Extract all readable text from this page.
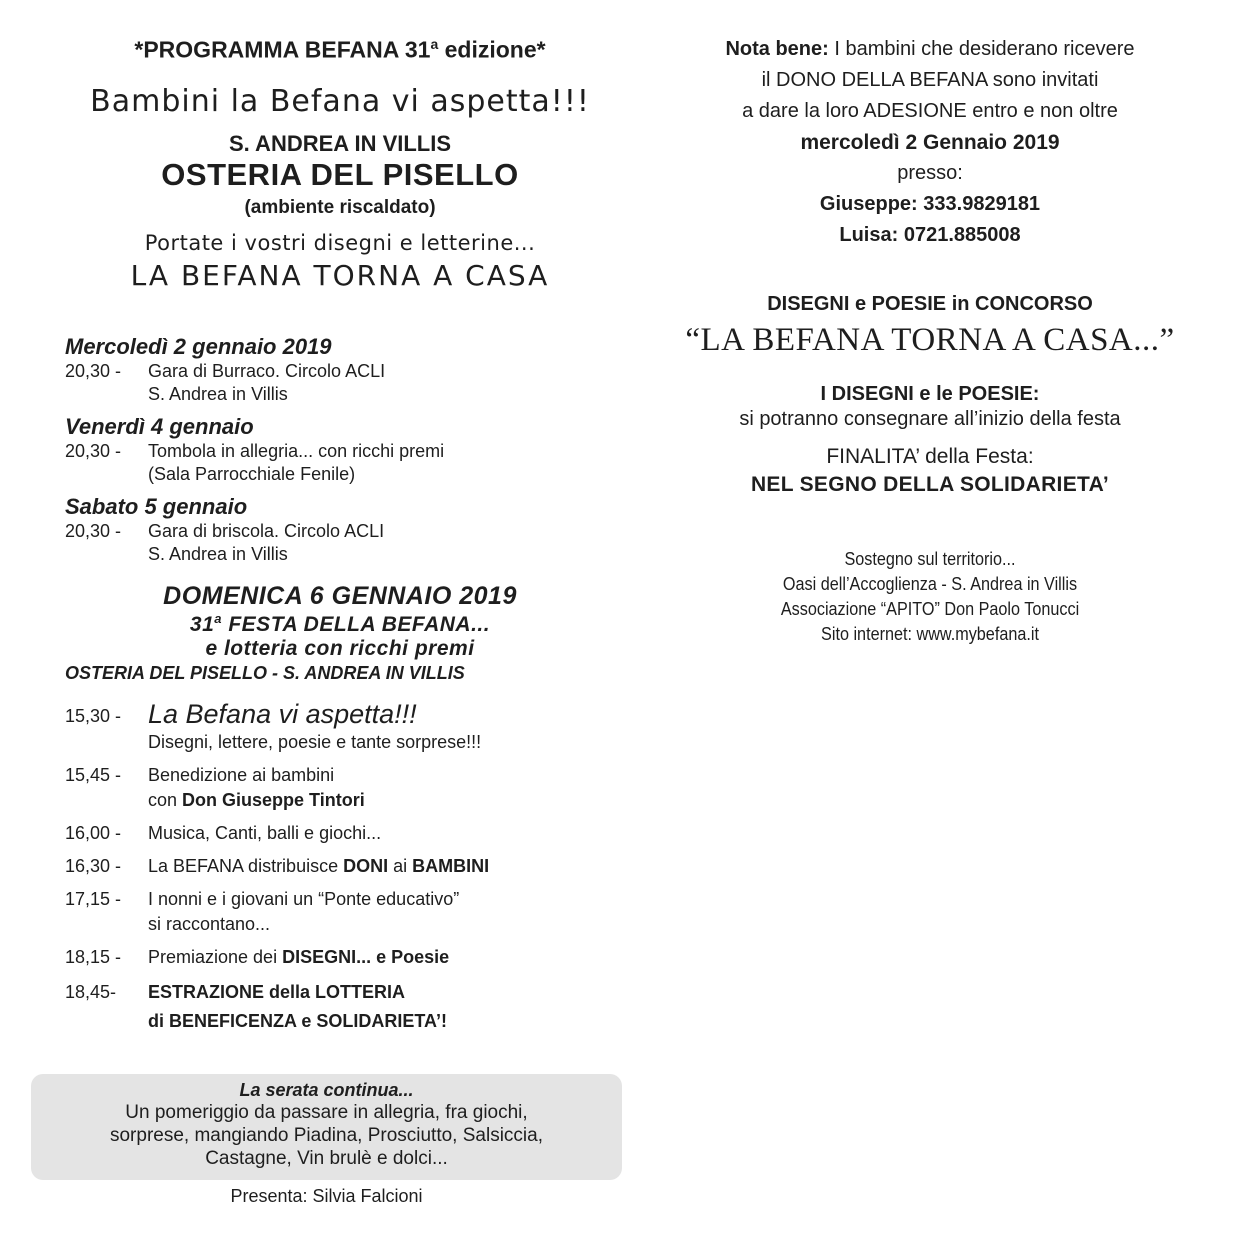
*PROGRAMMA BEFANA 31$^a$ edizione*
Bambini la Befana vi aspetta!!!
S. ANDREA IN VILLIS
OSTERIA DEL PISELLO
(ambiente riscaldato)
Portate i vostri disegni e letterine...
LA BEFANA TORNA A CASA
Mercoledì 2 gennaio 2019
20,30 -	Gara di Burraco. Circolo ACLI
S. Andrea in Villis
Venerdì 4 gennaio
20,30 -	Tombola in allegria... con ricchi premi
(Sala Parrocchiale Fenile)
Sabato 5 gennaio
20,30 -	Gara di briscola. Circolo ACLI
S. Andrea in Villis
DOMENICA 6 GENNAIO 2019
31$^a$ FESTA DELLA BEFANA...
e lotteria con ricchi premi
OSTERIA DEL PISELLO - S. ANDREA IN VILLIS
15,30 - La Befana vi aspetta!!!
Disegni, lettere, poesie e tante sorprese!!!
15,45 -	Benedizione ai bambini
con Don Giuseppe Tintori
16,00 -	Musica, Canti, balli e giochi...
16,30 -	La BEFANA distribuisce DONI ai BAMBINI
17,15 -	I nonni e i giovani un “Ponte educativo”
si raccontano...
18,15 -	Premiazione dei DISEGNI... e Poesie
18,45-	ESTRAZIONE della LOTTERIA
di BENEFICENZA e SOLIDARIETA’!
La serata continua...
Un pomeriggio da passare in allegria, fra giochi,
sorprese, mangiando Piadina, Prosciutto, Salsiccia,
Castagne, Vin brulè e dolci...
Presenta: Silvia Falcioni
Nota bene: I bambini che desiderano ricevere
il DONO DELLA BEFANA sono invitati
a dare la loro ADESIONE entro e non oltre
mercoledì 2 Gennaio 2019
presso:
Giuseppe: 333.9829181
Luisa: 0721.885008
DISEGNI e POESIE in CONCORSO
“LA BEFANA TORNA A CASA...”
I DISEGNI e le POESIE:
si potranno consegnare all’inizio della festa
FINALITA’ della Festa:
NEL SEGNO DELLA SOLIDARIETA’
Sostegno sul territorio...
Oasi dell’Accoglienza - S. Andrea in Villis
Associazione “APITO” Don Paolo Tonucci
Sito internet: www.mybefana.it
